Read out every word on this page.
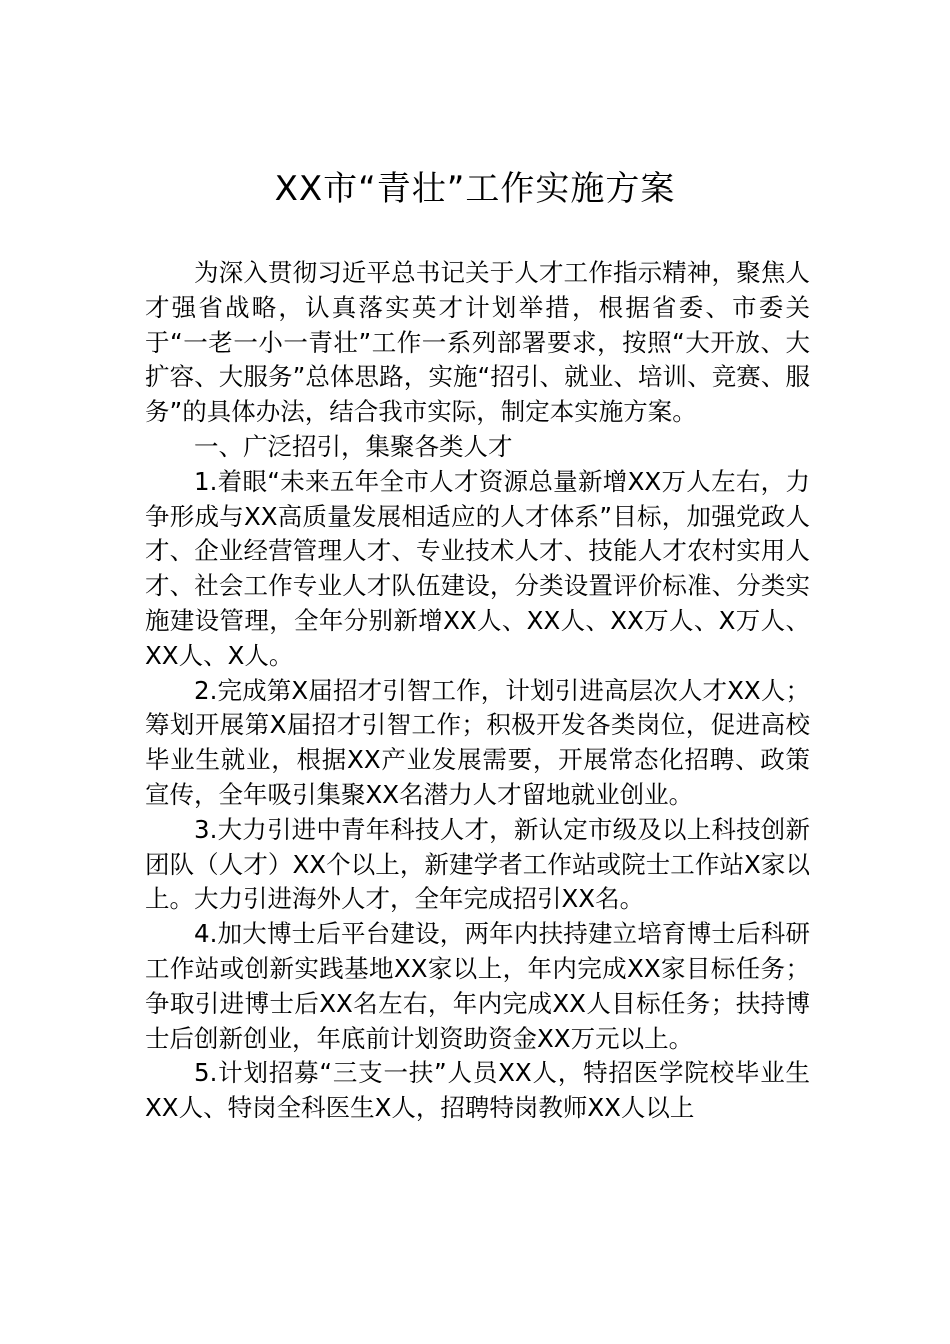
XX市“青壮”工作实施方案

为深入贯彻习近平总书记关于人才工作指示精神，聚焦人才强省战略，认真落实英才计划举措，根据省委、市委关于“一老一小一青壮”工作一系列部署要求，按照“大开放、大扩容、大服务”总体思路，实施“招引、就业、培训、竞赛、服务”的具体办法，结合我市实际，制定本实施方案。

一、广泛招引，集聚各类人才

1.着眼“未来五年全市人才资源总量新增XX万人左右，力争形成与XX高质量发展相适应的人才体系”目标，加强党政人才、企业经营管理人才、专业技术人才、技能人才农村实用人才、社会工作专业人才队伍建设，分类设置评价标准、分类实施建设管理，全年分别新增XX人、XX人、XX万人、X万人、XX人、X人。

2.完成第X届招才引智工作，计划引进高层次人才XX人；筹划开展第X届招才引智工作；积极开发各类岗位，促进高校毕业生就业，根据XX产业发展需要，开展常态化招聘、政策宣传，全年吸引集聚XX名潜力人才留地就业创业。

3.大力引进中青年科技人才，新认定市级及以上科技创新团队（人才）XX个以上，新建学者工作站或院士工作站X家以上。大力引进海外人才，全年完成招引XX名。

4.加大博士后平台建设，两年内扶持建立培育博士后科研工作站或创新实践基地XX家以上，年内完成XX家目标任务；争取引进博士后XX名左右，年内完成XX人目标任务；扶持博士后创新创业，年底前计划资助资金XX万元以上。

5.计划招募“三支一扶”人员XX人，特招医学院校毕业生XX人、特岗全科医生X人，招聘特岗教师XX人以上
